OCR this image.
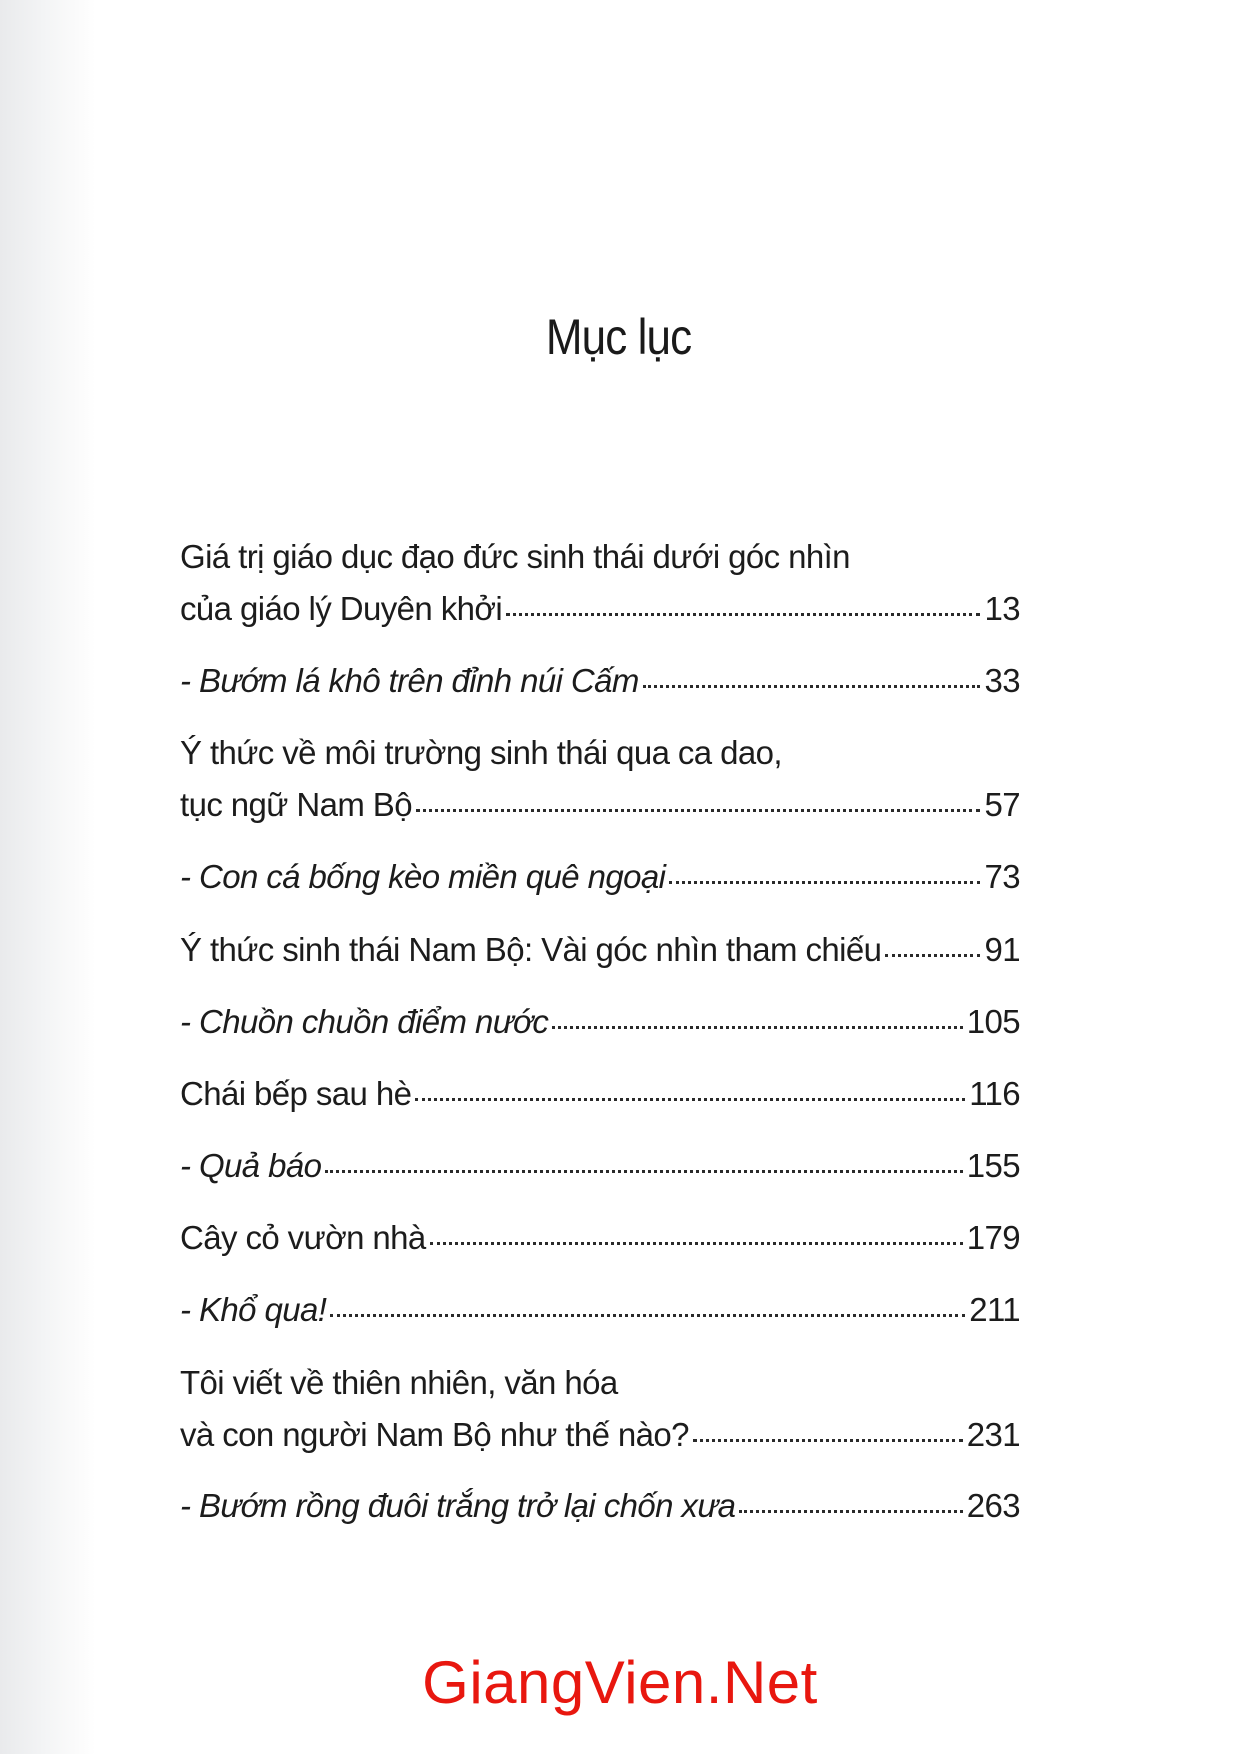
Mục lục
Giá trị giáo dục đạo đức sinh thái dưới góc nhìn
của giáo lý Duyên khởi	13
- Bướm lá khô trên đỉnh núi Cấm	33
Ý thức về môi trường sinh thái qua ca dao,
tục ngữ Nam Bộ	57
- Con cá bống kèo miền quê ngoại	73
Ý thức sinh thái Nam Bộ: Vài góc nhìn tham chiếu	91
- Chuồn chuồn điểm nước	105
Chái bếp sau hè	116
- Quả báo	155
Cây cỏ vườn nhà	179
- Khổ qua!	211
Tôi viết về thiên nhiên, văn hóa
và con người Nam Bộ như thế nào?	231
- Bướm rồng đuôi trắng trở lại chốn xưa	263
GiangVien.Net
